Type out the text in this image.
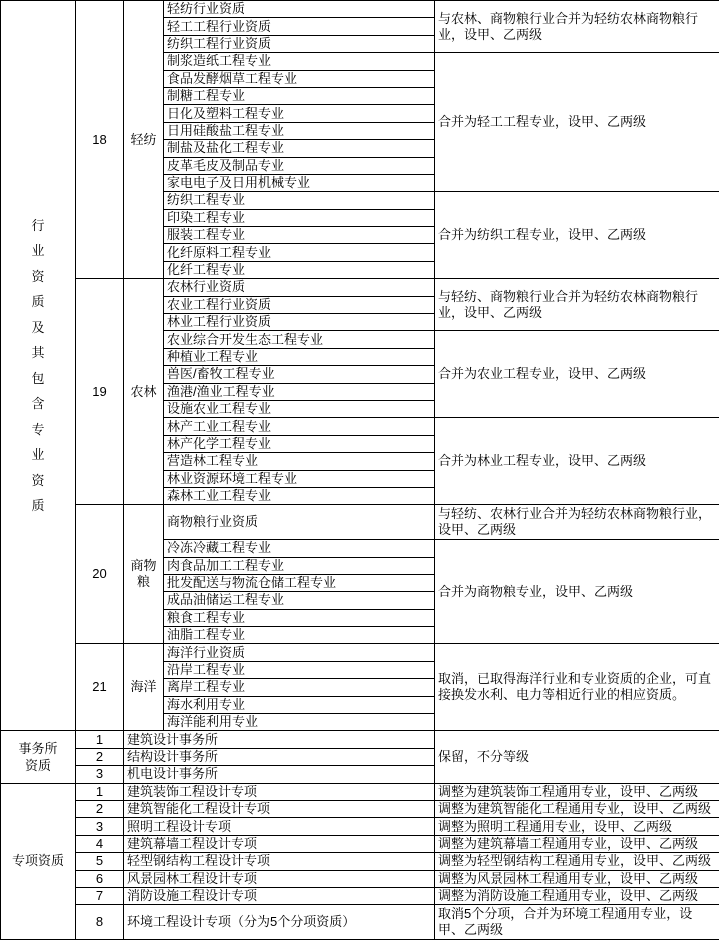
行业资质及其包含专业资质	18	轻纺	轻纺行业资质	与农林、商物粮行业合并为轻纺农林商物粮行业，设甲、乙两级
			轻工工程行业资质	
			纺织工程行业资质	
			制浆造纸工程专业	合并为轻工工程专业，设甲、乙两级
			食品发酵烟草工程专业	
			制糖工程专业	
			日化及塑料工程专业	
			日用硅酸盐工程专业	
			制盐及盐化工程专业	
			皮革毛皮及制品专业	
			家电电子及日用机械专业	
			纺织工程专业	合并为纺织工程专业，设甲、乙两级
			印染工程专业	
			服装工程专业	
			化纤原料工程专业	
			化纤工程专业	
	19	农林	农林行业资质	与轻纺、商物粮行业合并为轻纺农林商物粮行业，设甲、乙两级
			农业工程行业资质	
			林业工程行业资质	
			农业综合开发生态工程专业	合并为农业工程专业，设甲、乙两级
			种植业工程专业	
			兽医/畜牧工程专业	
			渔港/渔业工程专业	
			设施农业工程专业	
			林产工业工程专业	合并为林业工程专业，设甲、乙两级
			林产化学工程专业	
			营造林工程专业	
			林业资源环境工程专业	
			森林工业工程专业	
	20	商物粮	商物粮行业资质	与轻纺、农林行业合并为轻纺农林商物粮行业，设甲、乙两级
			冷冻冷藏工程专业	合并为商物粮专业，设甲、乙两级
			肉食品加工工程专业	
			批发配送与物流仓储工程专业	
			成品油储运工程专业	
			粮食工程专业	
			油脂工程专业	
	21	海洋	海洋行业资质	取消，已取得海洋行业和专业资质的企业，可直接换发水利、电力等相近行业的相应资质。
			沿岸工程专业	
			离岸工程专业	
			海水利用专业	
			海洋能利用专业	
事务所资质	1	建筑设计事务所		保留，不分等级
	2	结构设计事务所		
	3	机电设计事务所		
专项资质	1	建筑装饰工程设计专项		调整为建筑装饰工程通用专业，设甲、乙两级
	2	建筑智能化工程设计专项		调整为建筑智能化工程通用专业，设甲、乙两级
	3	照明工程设计专项		调整为照明工程通用专业，设甲、乙两级
	4	建筑幕墙工程设计专项		调整为建筑幕墙工程通用专业，设甲、乙两级
	5	轻型钢结构工程设计专项		调整为轻型钢结构工程通用专业，设甲、乙两级
	6	风景园林工程设计专项		调整为风景园林工程通用专业，设甲、乙两级
	7	消防设施工程设计专项		调整为消防设施工程通用专业，设甲、乙两级
	8	环境工程设计专项（分为5个分项资质）		取消5个分项，合并为环境工程通用专业，设甲、乙两级
